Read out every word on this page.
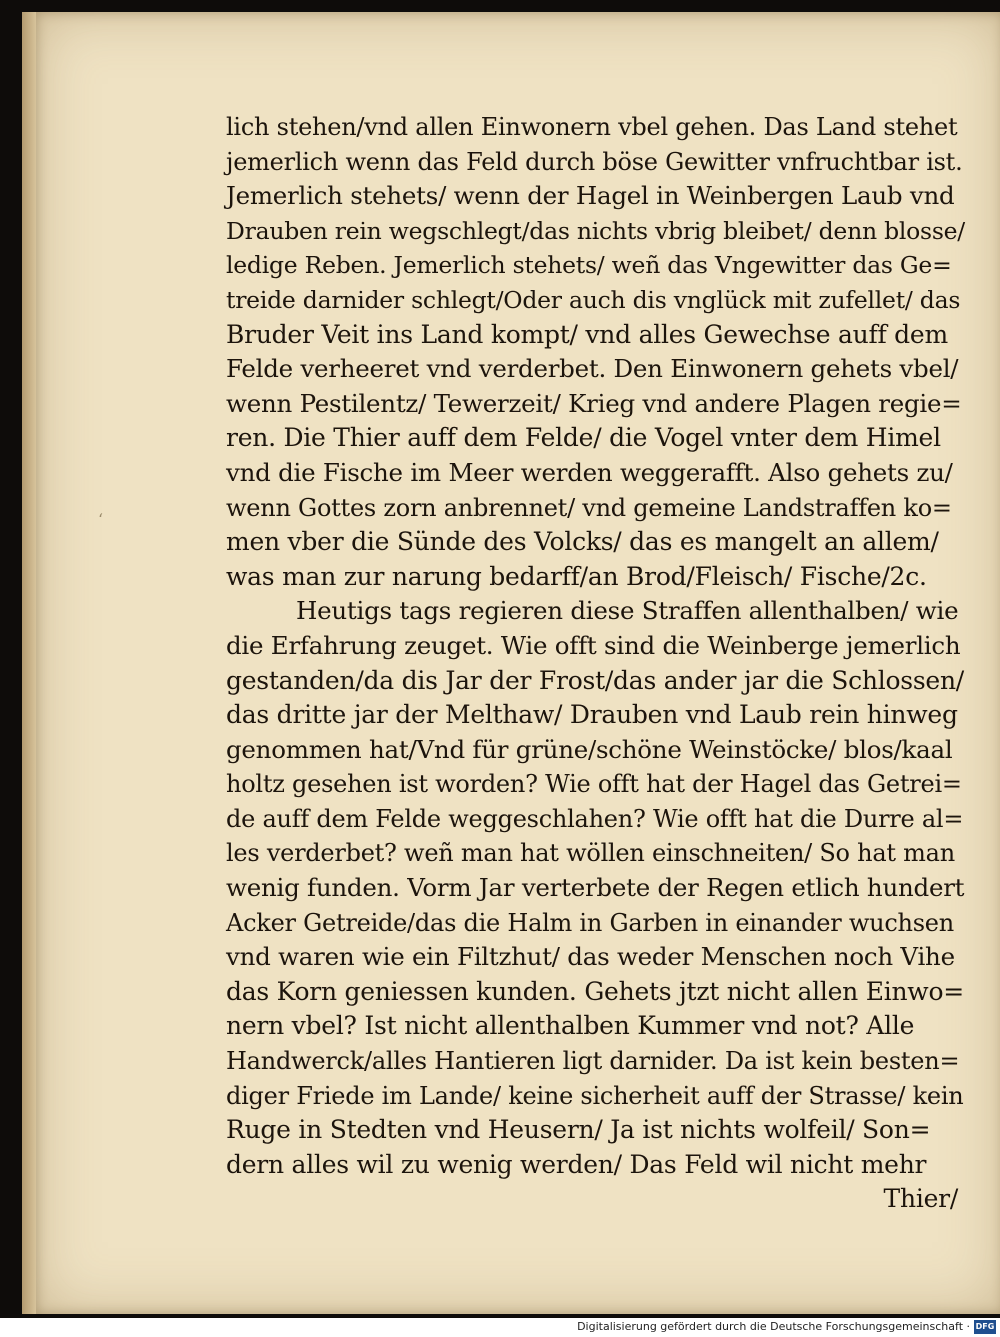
‘
lich stehen/vnd allen Einwonern vbel gehen. Das Land stehet
jemerlich wenn das Feld durch böse Gewitter vnfruchtbar ist.
Jemerlich stehets/ wenn der Hagel in Weinbergen Laub vnd
Drauben rein wegschlegt/das nichts vbrig bleibet/ denn blosse/
ledige Reben. Jemerlich stehets/ weñ das Vngewitter das Ge=
treide darnider schlegt/Oder auch dis vnglück mit zufellet/ das
Bruder Veit ins Land kompt/ vnd alles Gewechse auff dem
Felde verheeret vnd verderbet. Den Einwonern gehets vbel/
wenn Pestilentz/ Tewerzeit/ Krieg vnd andere Plagen regie=
ren. Die Thier auff dem Felde/ die Vogel vnter dem Himel
vnd die Fische im Meer werden weggerafft. Also gehets zu/
wenn Gottes zorn anbrennet/ vnd gemeine Landstraffen ko=
men vber die Sünde des Volcks/ das es mangelt an allem/
was man zur narung bedarff/an Brod/Fleisch/ Fische/2c.
Heutigs tags regieren diese Straffen allenthalben/ wie
die Erfahrung zeuget. Wie offt sind die Weinberge jemerlich
gestanden/da dis Jar der Frost/das ander jar die Schlossen/
das dritte jar der Melthaw/ Drauben vnd Laub rein hinweg
genommen hat/Vnd für grüne/schöne Weinstöcke/ blos/kaal
holtz gesehen ist worden? Wie offt hat der Hagel das Getrei=
de auff dem Felde weggeschlahen? Wie offt hat die Durre al=
les verderbet? weñ man hat wöllen einschneiten/ So hat man
wenig funden. Vorm Jar verterbete der Regen etlich hundert
Acker Getreide/das die Halm in Garben in einander wuchsen
vnd waren wie ein Filtzhut/ das weder Menschen noch Vihe
das Korn geniessen kunden. Gehets jtzt nicht allen Einwo=
nern vbel? Ist nicht allenthalben Kummer vnd not? Alle
Handwerck/alles Hantieren ligt darnider. Da ist kein besten=
diger Friede im Lande/ keine sicherheit auff der Strasse/ kein
Ruge in Stedten vnd Heusern/ Ja ist nichts wolfeil/ Son=
dern alles wil zu wenig werden/ Das Feld wil nicht mehr
Thier/
Digitalisierung gefördert durch die Deutsche Forschungsgemeinschaft · DFG
